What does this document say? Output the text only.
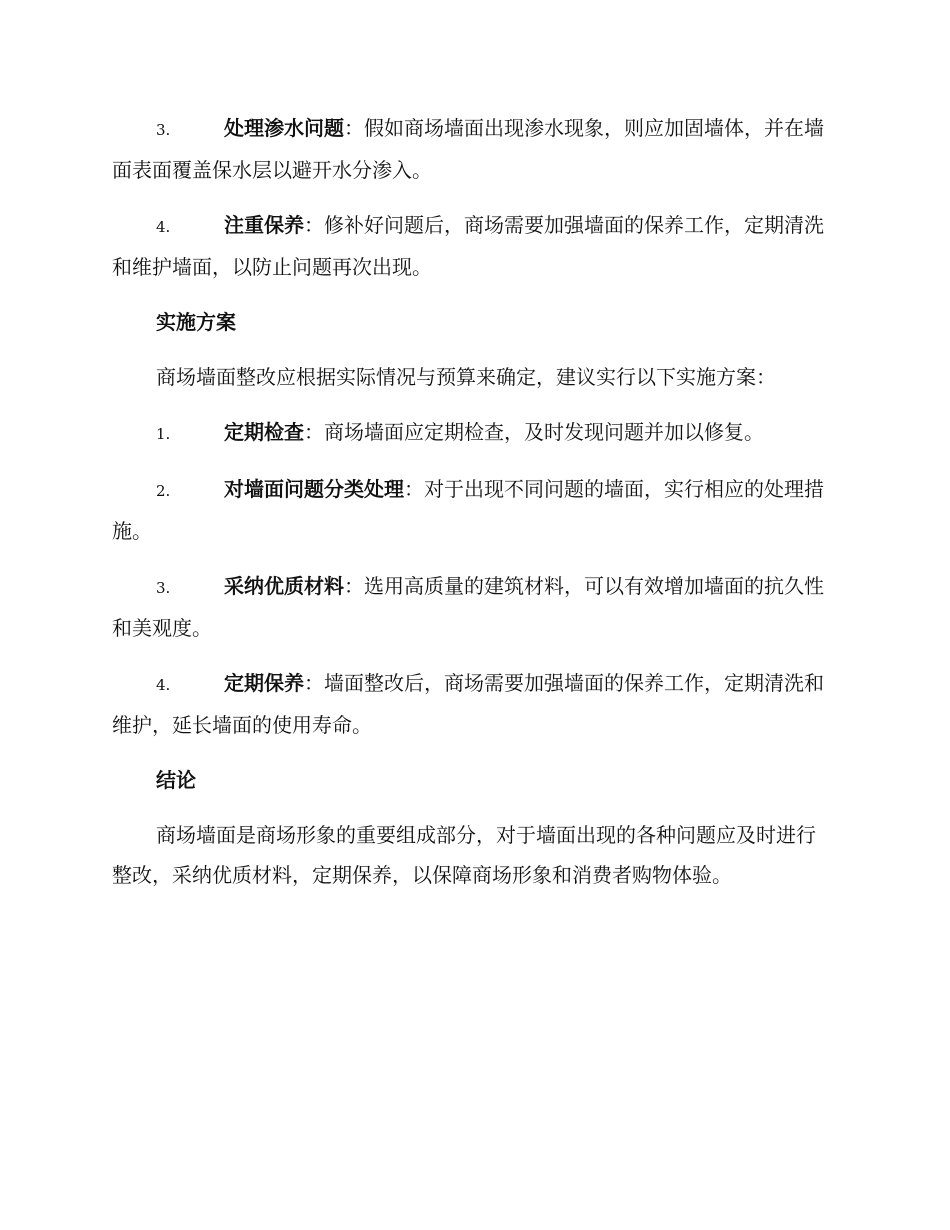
3.	处理渗水问题：假如商场墙面出现渗水现象，则应加固墙体，并在墙面表面覆盖保水层以避开水分渗入。
4.	注重保养：修补好问题后，商场需要加强墙面的保养工作，定期清洗和维护墙面，以防止问题再次出现。
实施方案
商场墙面整改应根据实际情况与预算来确定，建议实行以下实施方案：
1.	定期检查：商场墙面应定期检查，及时发现问题并加以修复。
2.	对墙面问题分类处理：对于出现不同问题的墙面，实行相应的处理措施。
3.	采纳优质材料：选用高质量的建筑材料，可以有效增加墙面的抗久性和美观度。
4.	定期保养：墙面整改后，商场需要加强墙面的保养工作，定期清洗和维护，延长墙面的使用寿命。
结论
商场墙面是商场形象的重要组成部分，对于墙面出现的各种问题应及时进行整改，采纳优质材料，定期保养，以保障商场形象和消费者购物体验。
